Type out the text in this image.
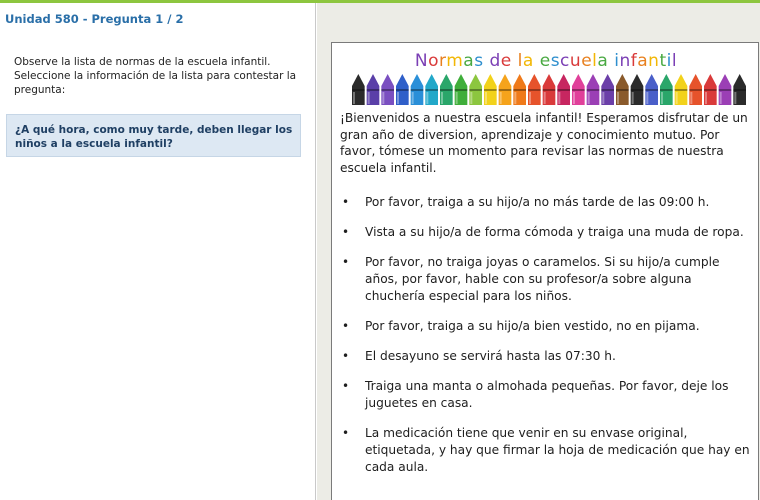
Unidad 580 - Pregunta 1 / 2
Observe la lista de normas de la escuela infantil. Seleccione la información de la lista para contestar la pregunta:
¿A qué hora, como muy tarde, deben llegar los niños a la escuela infantil?
Normas de la escuela infantil
¡Bienvenidos a nuestra escuela infantil! Esperamos disfrutar de un gran año de diversion, aprendizaje y conocimiento mutuo. Por favor, tómese un momento para revisar las normas de nuestra escuela infantil.
• Por favor, traiga a su hijo/a no más tarde de las 09:00 h.
• Vista a su hijo/a de forma cómoda y traiga una muda de ropa.
• Por favor, no traiga joyas o caramelos. Si su hijo/a cumple años, por favor, hable con su profesor/a sobre alguna chuchería especial para los niños.
• Por favor, traiga a su hijo/a bien vestido, no en pijama.
• El desayuno se servirá hasta las 07:30 h.
• Traiga una manta o almohada pequeñas. Por favor, deje los juguetes en casa.
• La medicación tiene que venir en su envase original, etiquetada, y hay que firmar la hoja de medicación que hay en cada aula.
